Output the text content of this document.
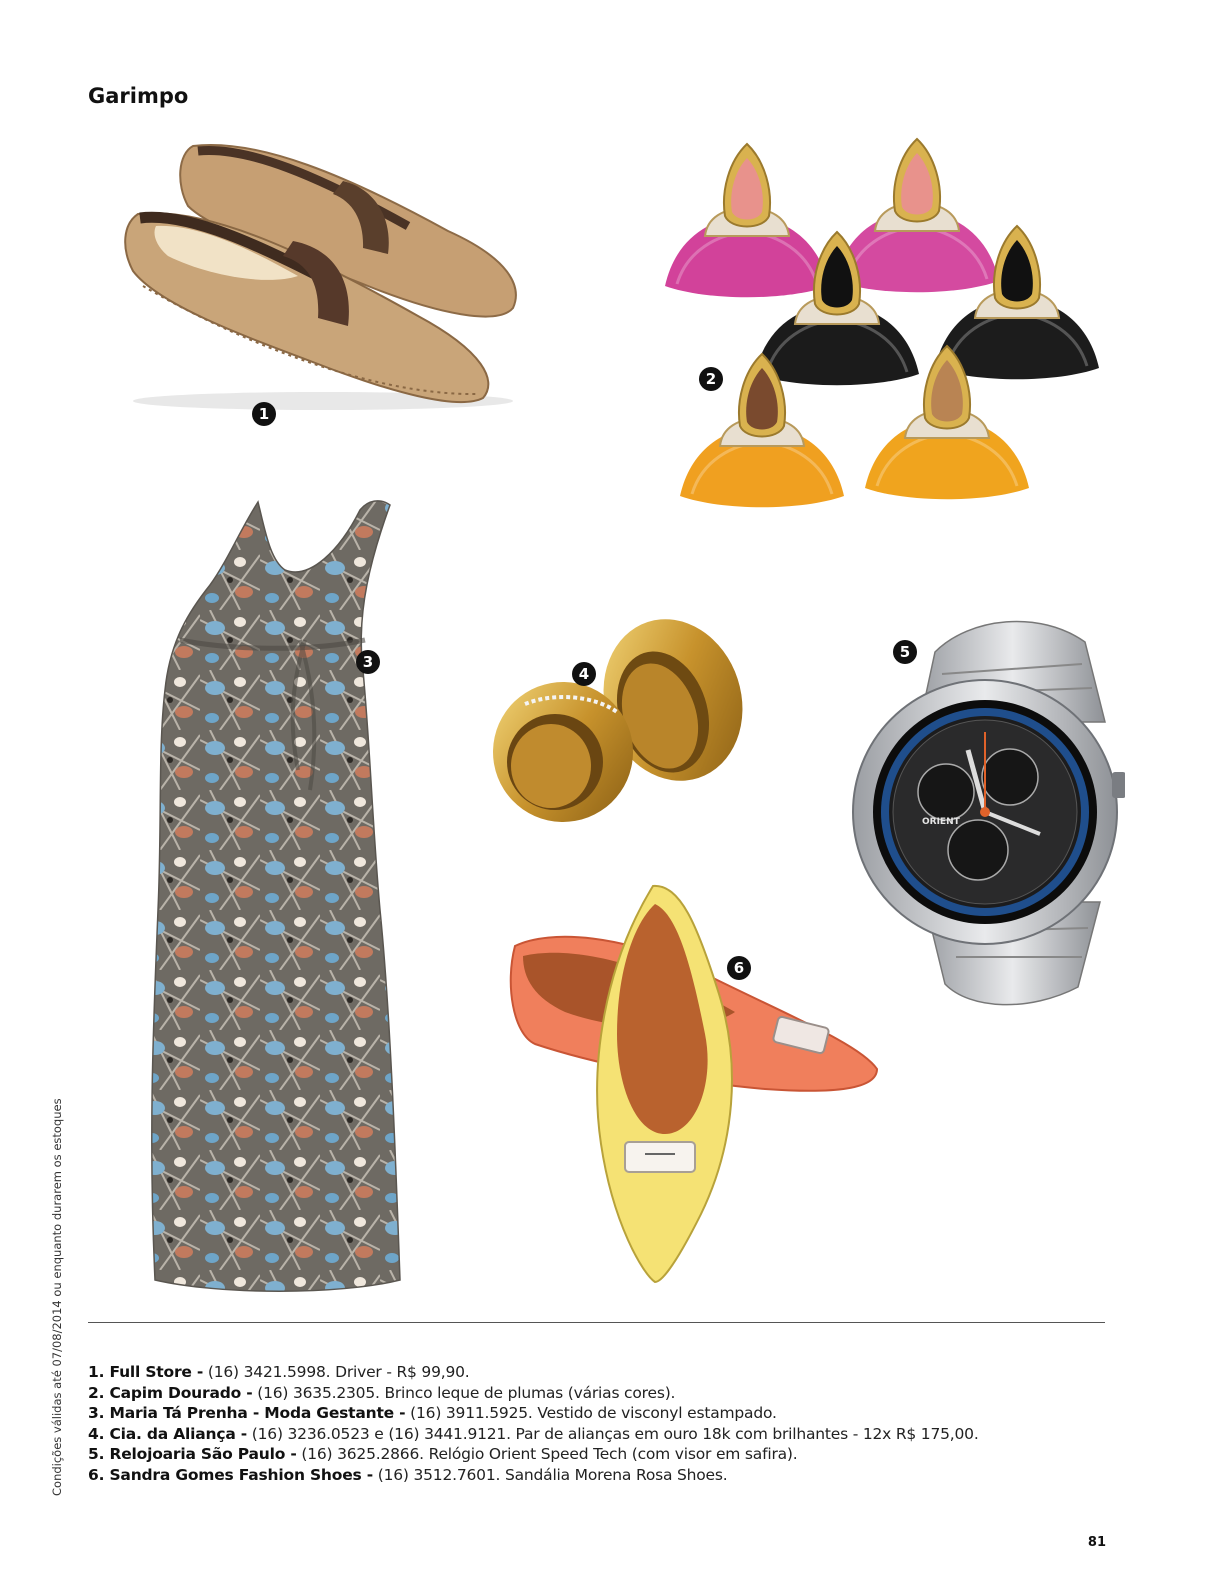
Garimpo
1
2
3
4
ORIENT
5
6
1. Full Store - (16) 3421.5998. Driver - R$ 99,90.
2. Capim Dourado - (16) 3635.2305. Brinco leque de plumas (várias cores).
3. Maria Tá Prenha - Moda Gestante - (16) 3911.5925. Vestido de visconyl estampado.
4. Cia. da Aliança - (16) 3236.0523 e (16) 3441.9121. Par de alianças em ouro 18k com brilhantes - 12x R$ 175,00.
5. Relojoaria São Paulo - (16) 3625.2866. Relógio Orient Speed Tech (com visor em safira).
6. Sandra Gomes Fashion Shoes - (16) 3512.7601. Sandália Morena Rosa Shoes.
Condições válidas até 07/08/2014 ou enquanto durarem os estoques
81
